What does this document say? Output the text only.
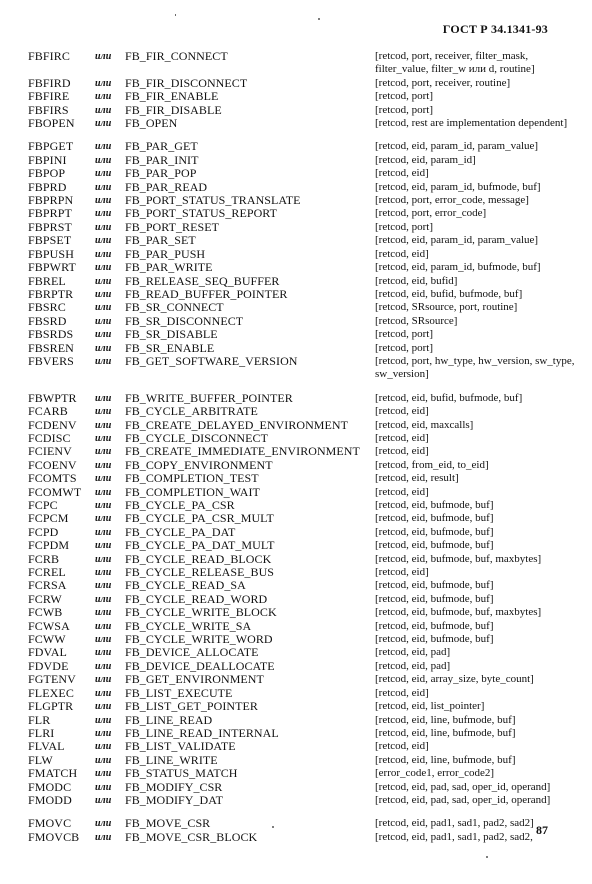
ГОСТ Р 34.1341-93
FBFIRC	или FB_FIR_CONNECT	[retcod, port, receiver, filter_mask, filter_value, filter_w или d, routine]
FBFIRD или FB_FIR_DISCONNECT	[retcod, port, receiver, routine]
FBFIRE	или FB_FIR_ENABLE	[retcod, port]
FBFIRS	или FB_FIR_DISABLE	[retcod, port]
FBOPEN или FB_OPEN	[retcod, rest are implementation dependent]
FBPGET или FB_PAR_GET	[retcod, eid, param_id, param_value]
FBPINI	или FB_PAR_INIT	[retcod, eid, param_id]
FBPOP	или FB_PAR_POP	[retcod, eid]
FBPRD	или FB_PAR_READ	[retcod, eid, param_id, bufmode, buf]
FBPRPN или FB_PORT_STATUS_TRANSLATE	[retcod, port, error_code, message]
FBPRPT или FB_PORT_STATUS_REPORT	[retcod, port, error_code]
FBPRST или FB_PORT_RESET	[retcod, port]
FBPSET или FB_PAR_SET	[retcod, eid, param_id, param_value]
FBPUSH или FB_PAR_PUSH	[retcod, eid]
FBPWRT или FB_PAR_WRITE	[retcod, eid, param_id, bufmode, buf]
FBREL	или FB_RELEASE_SEQ_BUFFER	[retcod, eid, bufid]
FBRPTR или FB_READ_BUFFER_POINTER	[retcod, eid, bufid, bufmode, buf]
FBSRC	или FB_SR_CONNECT	[retcod, SRsource, port, routine]
FBSRD	или FB_SR_DISCONNECT	[retcod, SRsource]
FBSRDS или FB_SR_DISABLE	[retcod, port]
FBSREN или FB_SR_ENABLE	[retcod, port]
FBVERS или FB_GET_SOFTWARE_VERSION	[retcod, port, hw_type, hw_version, sw_type, sw_version]
FBWPTR или FB_WRITE_BUFFER_POINTER	[retcod, eid, bufid, bufmode, buf]
FCARB	или FB_CYCLE_ARBITRATE	[retcod, eid]
FCDENV или FB_CREATE_DELAYED_ENVIRONMENT [retcod, eid, maxcalls]
FCDISC или FB_CYCLE_DISCONNECT	[retcod, eid]
FCIENV или FB_CREATE_IMMEDIATE_ENVIRONMENT [retcod, eid]
FCOENV или FB_COPY_ENVIRONMENT	[retcod, from_eid, to_eid]
FCOMTS или FB_COMPLETION_TEST	[retcod, eid, result]
FCOMWT или FB_COMPLETION_WAIT	[retcod, eid]
FCPC	или FB_CYCLE_PA_CSR	[retcod, eid, bufmode, buf]
FCPCM	или FB_CYCLE_PA_CSR_MULT	[retcod, eid, bufmode, buf]
FCPD	или FB_CYCLE_PA_DAT	[retcod, eid, bufmode, buf]
FCPDM	или FB_CYCLE_PA_DAT_MULT	[retcod, eid, bufmode, buf]
FCRB	или FB_CYCLE_READ_BLOCK	[retcod, eid, bufmode, buf, maxbytes]
FCREL	или FB_CYCLE_RELEASE_BUS	[retcod, eid]
FCRSA	или FB_CYCLE_READ_SA	[retcod, eid, bufmode, buf]
FCRW	или FB_CYCLE_READ_WORD	[retcod, eid, bufmode, buf]
FCWB	или FB_CYCLE_WRITE_BLOCK	[retcod, eid, bufmode, buf, maxbytes]
FCWSA	или FB_CYCLE_WRITE_SA	[retcod, eid, bufmode, buf]
FCWW	или FB_CYCLE_WRITE_WORD	[retcod, eid, bufmode, buf]
FDVAL	или FB_DEVICE_ALLOCATE	[retcod, eid, pad]
FDVDE	или FB_DEVICE_DEALLOCATE	[retcod, eid, pad]
FGTENV или FB_GET_ENVIRONMENT	[retcod, eid, array_size, byte_count]
FLEXEC или FB_LIST_EXECUTE	[retcod, eid]
FLGPTR или FB_LIST_GET_POINTER	[retcod, eid, list_pointer]
FLR	или FB_LINE_READ	[retcod, eid, line, bufmode, buf]
FLRI	или FB_LINE_READ_INTERNAL	[retcod, eid, line, bufmode, buf]
FLVAL	или FB_LIST_VALIDATE	[retcod, eid]
FLW	или FB_LINE_WRITE	[retcod, eid, line, bufmode, buf]
FMATCH или FB_STATUS_MATCH	[error_code1, error_code2]
FMODC или FB_MODIFY_CSR	[retcod, eid, pad, sad, oper_id, operand]
FMODD или FB_MODIFY_DAT	[retcod, eid, pad, sad, oper_id, operand]
FMOVC или FB_MOVE_CSR	[retcod, eid, pad1, sad1, pad2, sad2]
FMOVCB или FB_MOVE_CSR_BLOCK	[retcod, eid, pad1, sad1, pad2, sad2, 87
